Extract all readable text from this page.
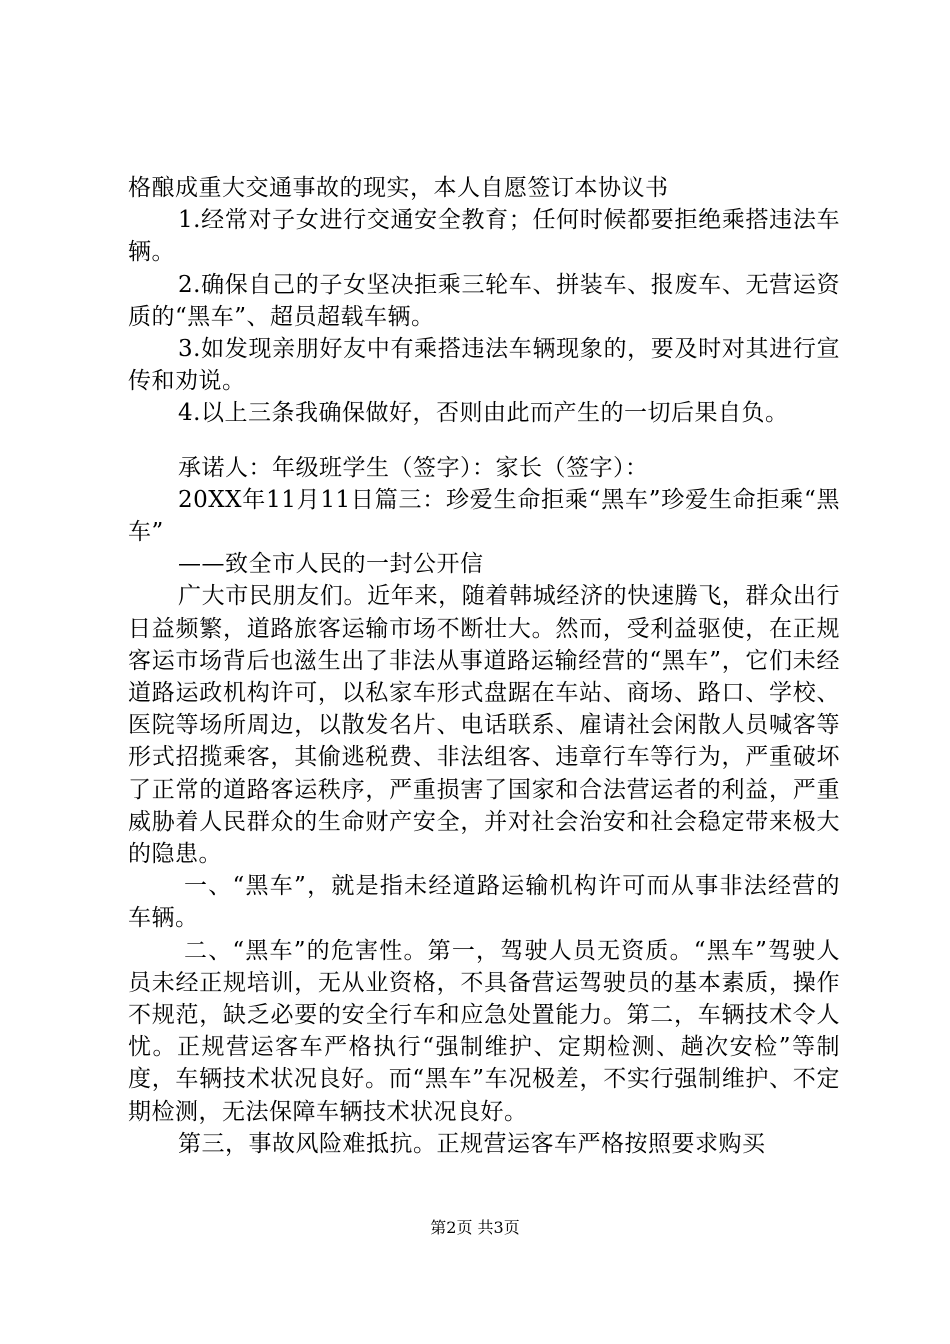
格酿成重大交通事故的现实，本人自愿签订本协议书

1.经常对子女进行交通安全教育；任何时候都要拒绝乘搭违法车辆。

2.确保自己的子女坚决拒乘三轮车、拼装车、报废车、无营运资质的“黑车”、超员超载车辆。

3.如发现亲朋好友中有乘搭违法车辆现象的，要及时对其进行宣传和劝说。

4.以上三条我确保做好，否则由此而产生的一切后果自负。

承诺人：年级班学生（签字）：家长（签字）：

20XX年11月11日篇三：珍爱生命拒乘“黑车”珍爱生命拒乘“黑车”

——致全市人民的一封公开信

广大市民朋友们。近年来，随着韩城经济的快速腾飞，群众出行日益频繁，道路旅客运输市场不断壮大。然而，受利益驱使，在正规客运市场背后也滋生出了非法从事道路运输经营的“黑车”，它们未经道路运政机构许可，以私家车形式盘踞在车站、商场、路口、学校、医院等场所周边，以散发名片、电话联系、雇请社会闲散人员喊客等形式招揽乘客，其偷逃税费、非法组客、违章行车等行为，严重破坏了正常的道路客运秩序，严重损害了国家和合法营运者的利益，严重威胁着人民群众的生命财产安全，并对社会治安和社会稳定带来极大的隐患。

一、“黑车”，就是指未经道路运输机构许可而从事非法经营的车辆。

二、“黑车”的危害性。第一，驾驶人员无资质。“黑车”驾驶人员未经正规培训，无从业资格，不具备营运驾驶员的基本素质，操作不规范，缺乏必要的安全行车和应急处置能力。第二，车辆技术令人忧。正规营运客车严格执行“强制维护、定期检测、趟次安检”等制度，车辆技术状况良好。而“黑车”车况极差，不实行强制维护、不定期检测，无法保障车辆技术状况良好。

第三，事故风险难抵抗。正规营运客车严格按照要求购买

第2页 共3页
